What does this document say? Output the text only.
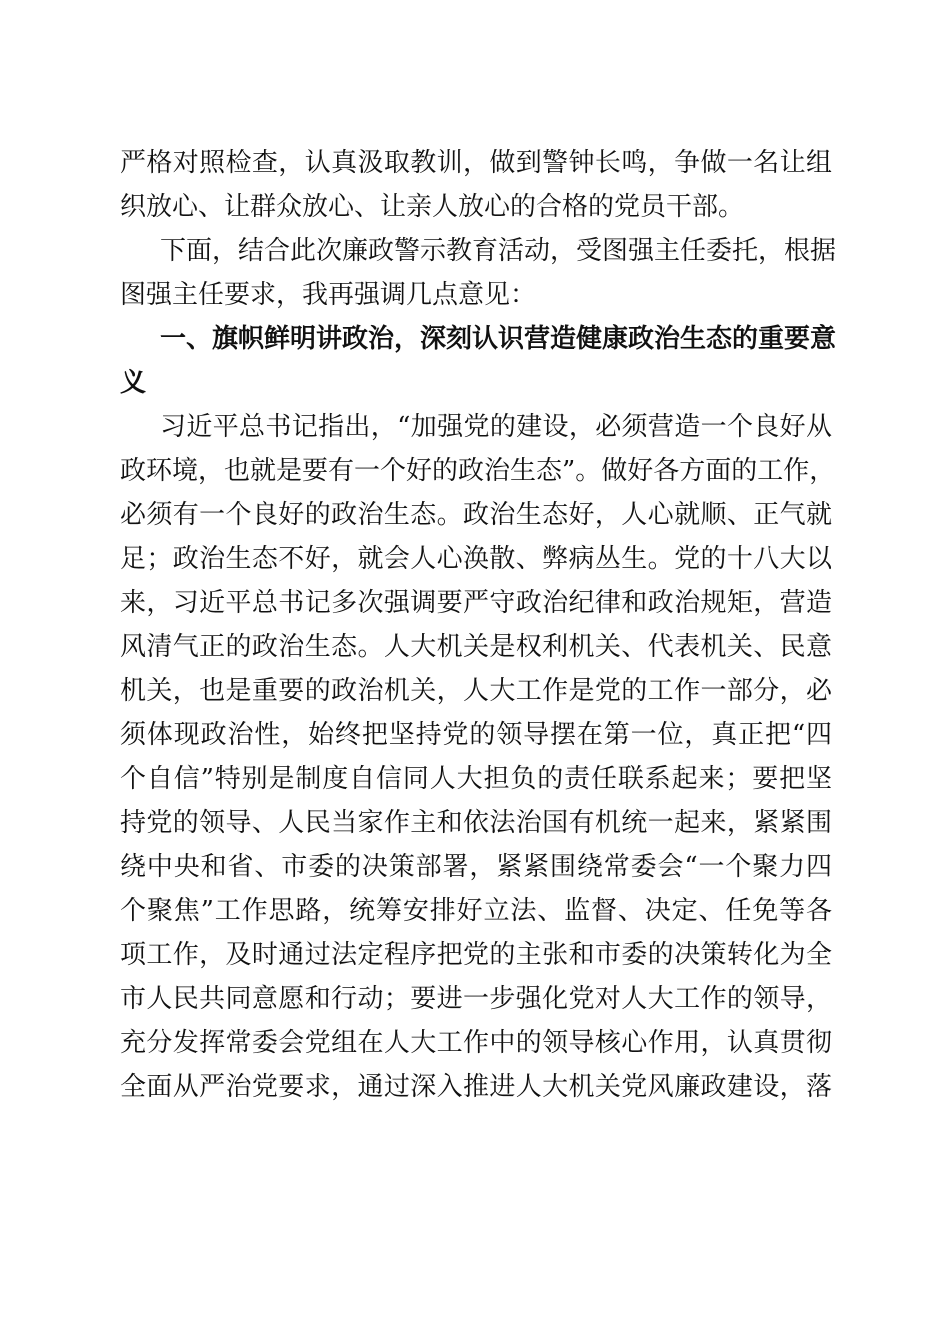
严格对照检查，认真汲取教训，做到警钟长鸣，争做一名让组
织放心、让群众放心、让亲人放心的合格的党员干部。
下面，结合此次廉政警示教育活动，受图强主任委托，根据
图强主任要求，我再强调几点意见：
一、旗帜鲜明讲政治，深刻认识营造健康政治生态的重要意
义
习近平总书记指出，“加强党的建设，必须营造一个良好从
政环境，也就是要有一个好的政治生态”。做好各方面的工作，
必须有一个良好的政治生态。政治生态好，人心就顺、正气就
足；政治生态不好，就会人心涣散、弊病丛生。党的十八大以
来，习近平总书记多次强调要严守政治纪律和政治规矩，营造
风清气正的政治生态。人大机关是权利机关、代表机关、民意
机关，也是重要的政治机关，人大工作是党的工作一部分，必
须体现政治性，始终把坚持党的领导摆在第一位，真正把“四
个自信”特别是制度自信同人大担负的责任联系起来；要把坚
持党的领导、人民当家作主和依法治国有机统一起来，紧紧围
绕中央和省、市委的决策部署，紧紧围绕常委会“一个聚力四
个聚焦”工作思路，统筹安排好立法、监督、决定、任免等各
项工作，及时通过法定程序把党的主张和市委的决策转化为全
市人民共同意愿和行动；要进一步强化党对人大工作的领导，
充分发挥常委会党组在人大工作中的领导核心作用，认真贯彻
全面从严治党要求，通过深入推进人大机关党风廉政建设，落
